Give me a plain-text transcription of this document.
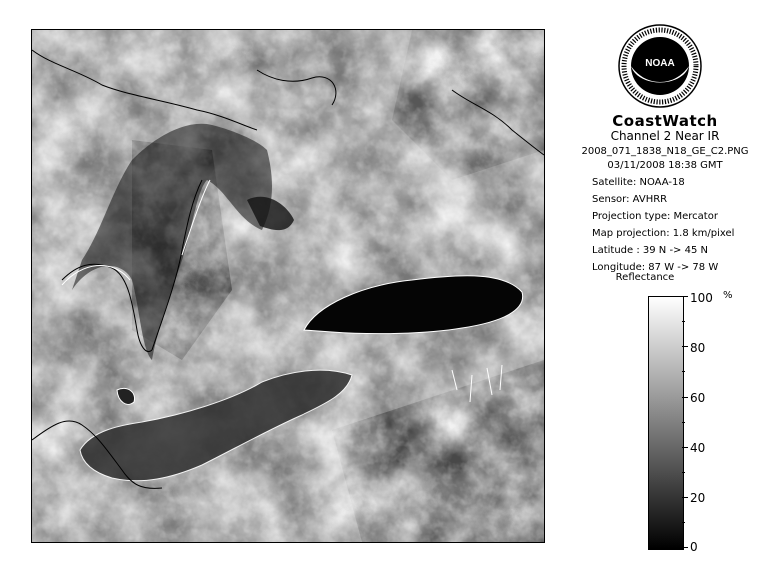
NOAA
CoastWatch
Channel 2 Near IR
2008_071_1838_N18_GE_C2.PNG
03/11/2008 18:38 GMT
Satellite: NOAA-18
Sensor: AVHRR
Projection type: Mercator
Map projection: 1.8 km/pixel
Latitude : 39 N -> 45 N
Longitude: 87 W -> 78 W
Reflectance
%
100
80
60
40
20
0
